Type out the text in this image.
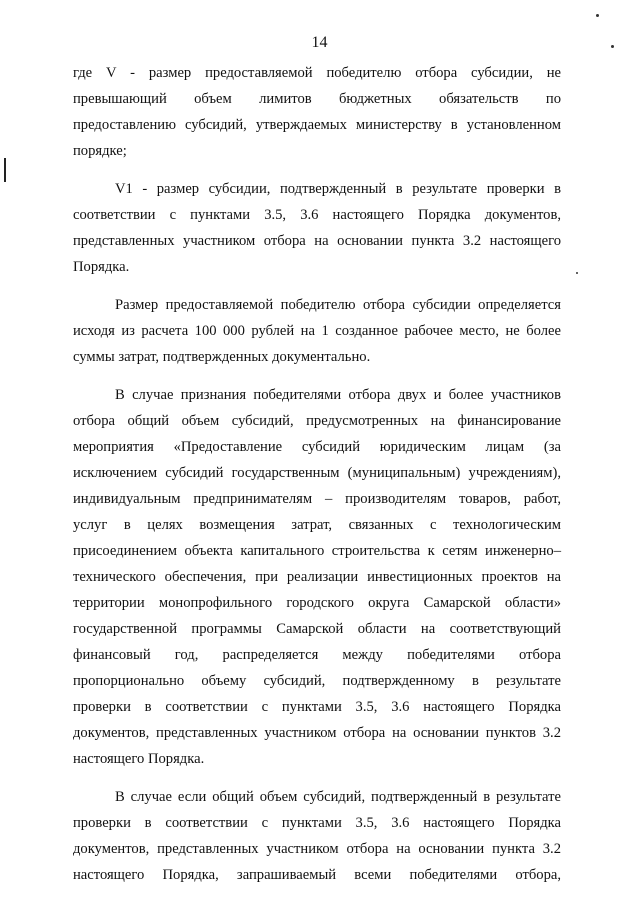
14
где V - размер предоставляемой победителю отбора субсидии, не
превышающий объем лимитов бюджетных обязательств по
предоставлению субсидий, утверждаемых министерству в установленном
порядке;
V1 - размер субсидии, подтвержденный в результате проверки в
соответствии с пунктами 3.5, 3.6 настоящего Порядка документов,
представленных участником отбора на основании пункта 3.2 настоящего
Порядка.
Размер предоставляемой победителю отбора субсидии определяется
исходя из расчета 100 000 рублей на 1 созданное рабочее место, не более
суммы затрат, подтвержденных документально.
В случае признания победителями отбора двух и более участников
отбора общий объем субсидий, предусмотренных на финансирование
мероприятия «Предоставление субсидий юридическим лицам (за
исключением субсидий государственным (муниципальным) учреждениям),
индивидуальным предпринимателям – производителям товаров, работ,
услуг в целях возмещения затрат, связанных с технологическим
присоединением объекта капитального строительства к сетям инженерно–
технического обеспечения, при реализации инвестиционных проектов на
территории монопрофильного городского округа Самарской области»
государственной программы Самарской области на соответствующий
финансовый год, распределяется между победителями отбора
пропорционально объему субсидий, подтвержденному в результате
проверки в соответствии с пунктами 3.5, 3.6 настоящего Порядка
документов, представленных участником отбора на основании пунктов 3.2
настоящего Порядка.
В случае если общий объем субсидий, подтвержденный в результате
проверки в соответствии с пунктами 3.5, 3.6 настоящего Порядка
документов, представленных участником отбора на основании пункта 3.2
настоящего Порядка, запрашиваемый всеми победителями отбора,
